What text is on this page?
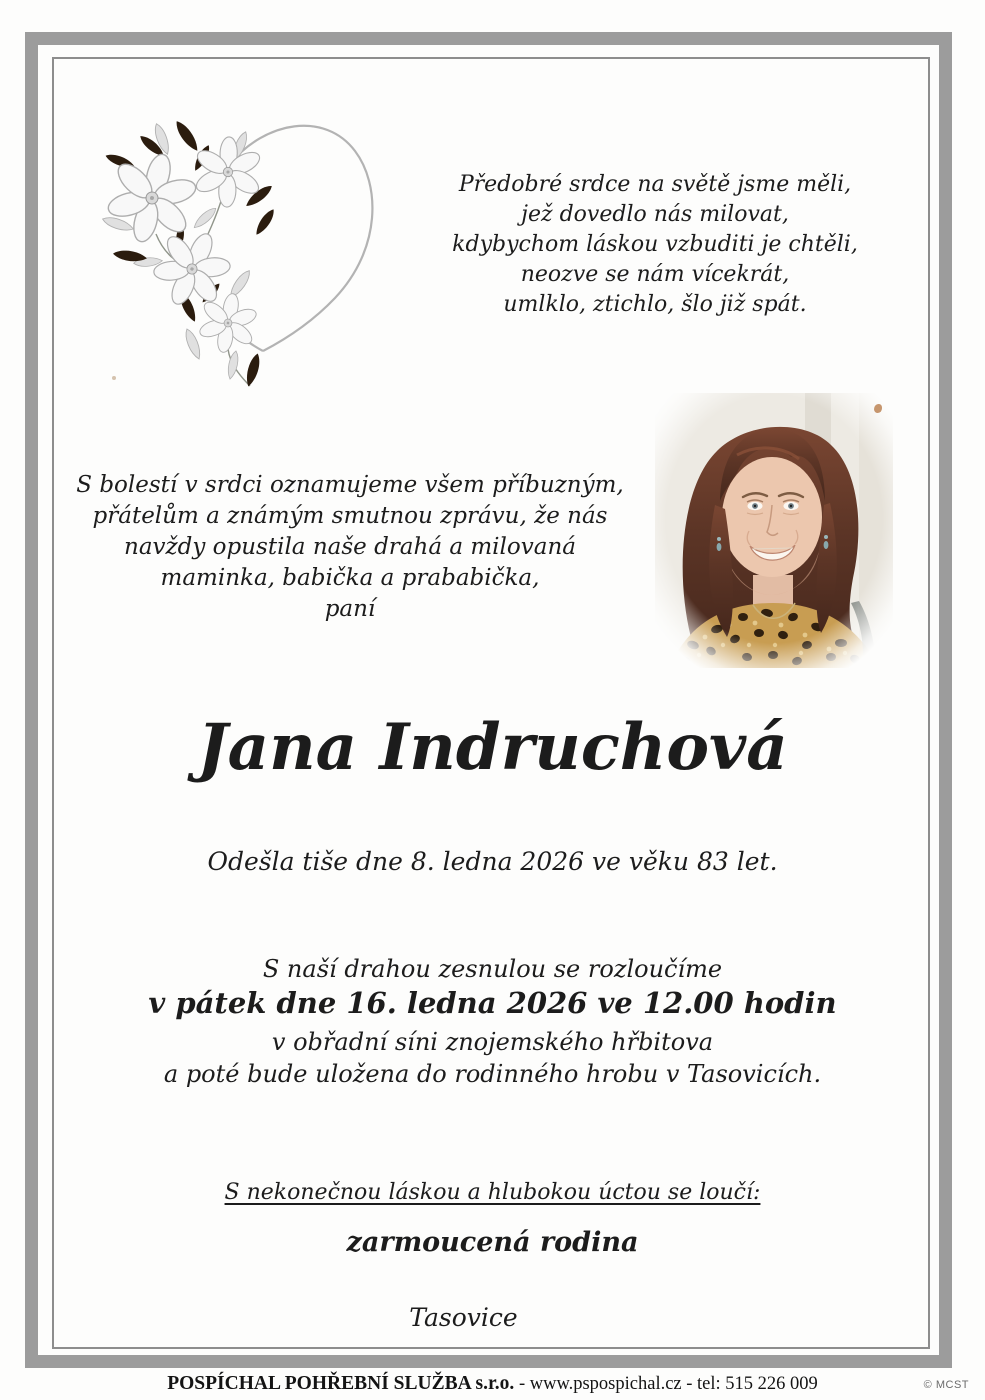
Předobré srdce na světě jsme měli,
jež dovedlo nás milovat,
kdybychom láskou vzbuditi je chtěli,
neozve se nám vícekrát,
umlklo, ztichlo, šlo již spát.
S bolestí v srdci oznamujeme všem příbuzným,
přátelům a známým smutnou zprávu, že nás
navždy opustila naše drahá a milovaná
maminka, babička a prababička,
paní
Jana Indruchová
Odešla tiše dne 8. ledna 2026 ve věku 83 let.
S naší drahou zesnulou se rozloučíme
v pátek dne 16. ledna 2026 ve 12.00 hodin
v obřadní síni znojemského hřbitova
a poté bude uložena do rodinného hrobu v Tasovicích.
S nekonečnou láskou a hlubokou úctou se loučí:
zarmoucená rodina
Tasovice
POSPÍCHAL POHŘEBNÍ SLUŽBA s.r.o. - www.pspospichal.cz - tel: 515 226 009	© MCST
